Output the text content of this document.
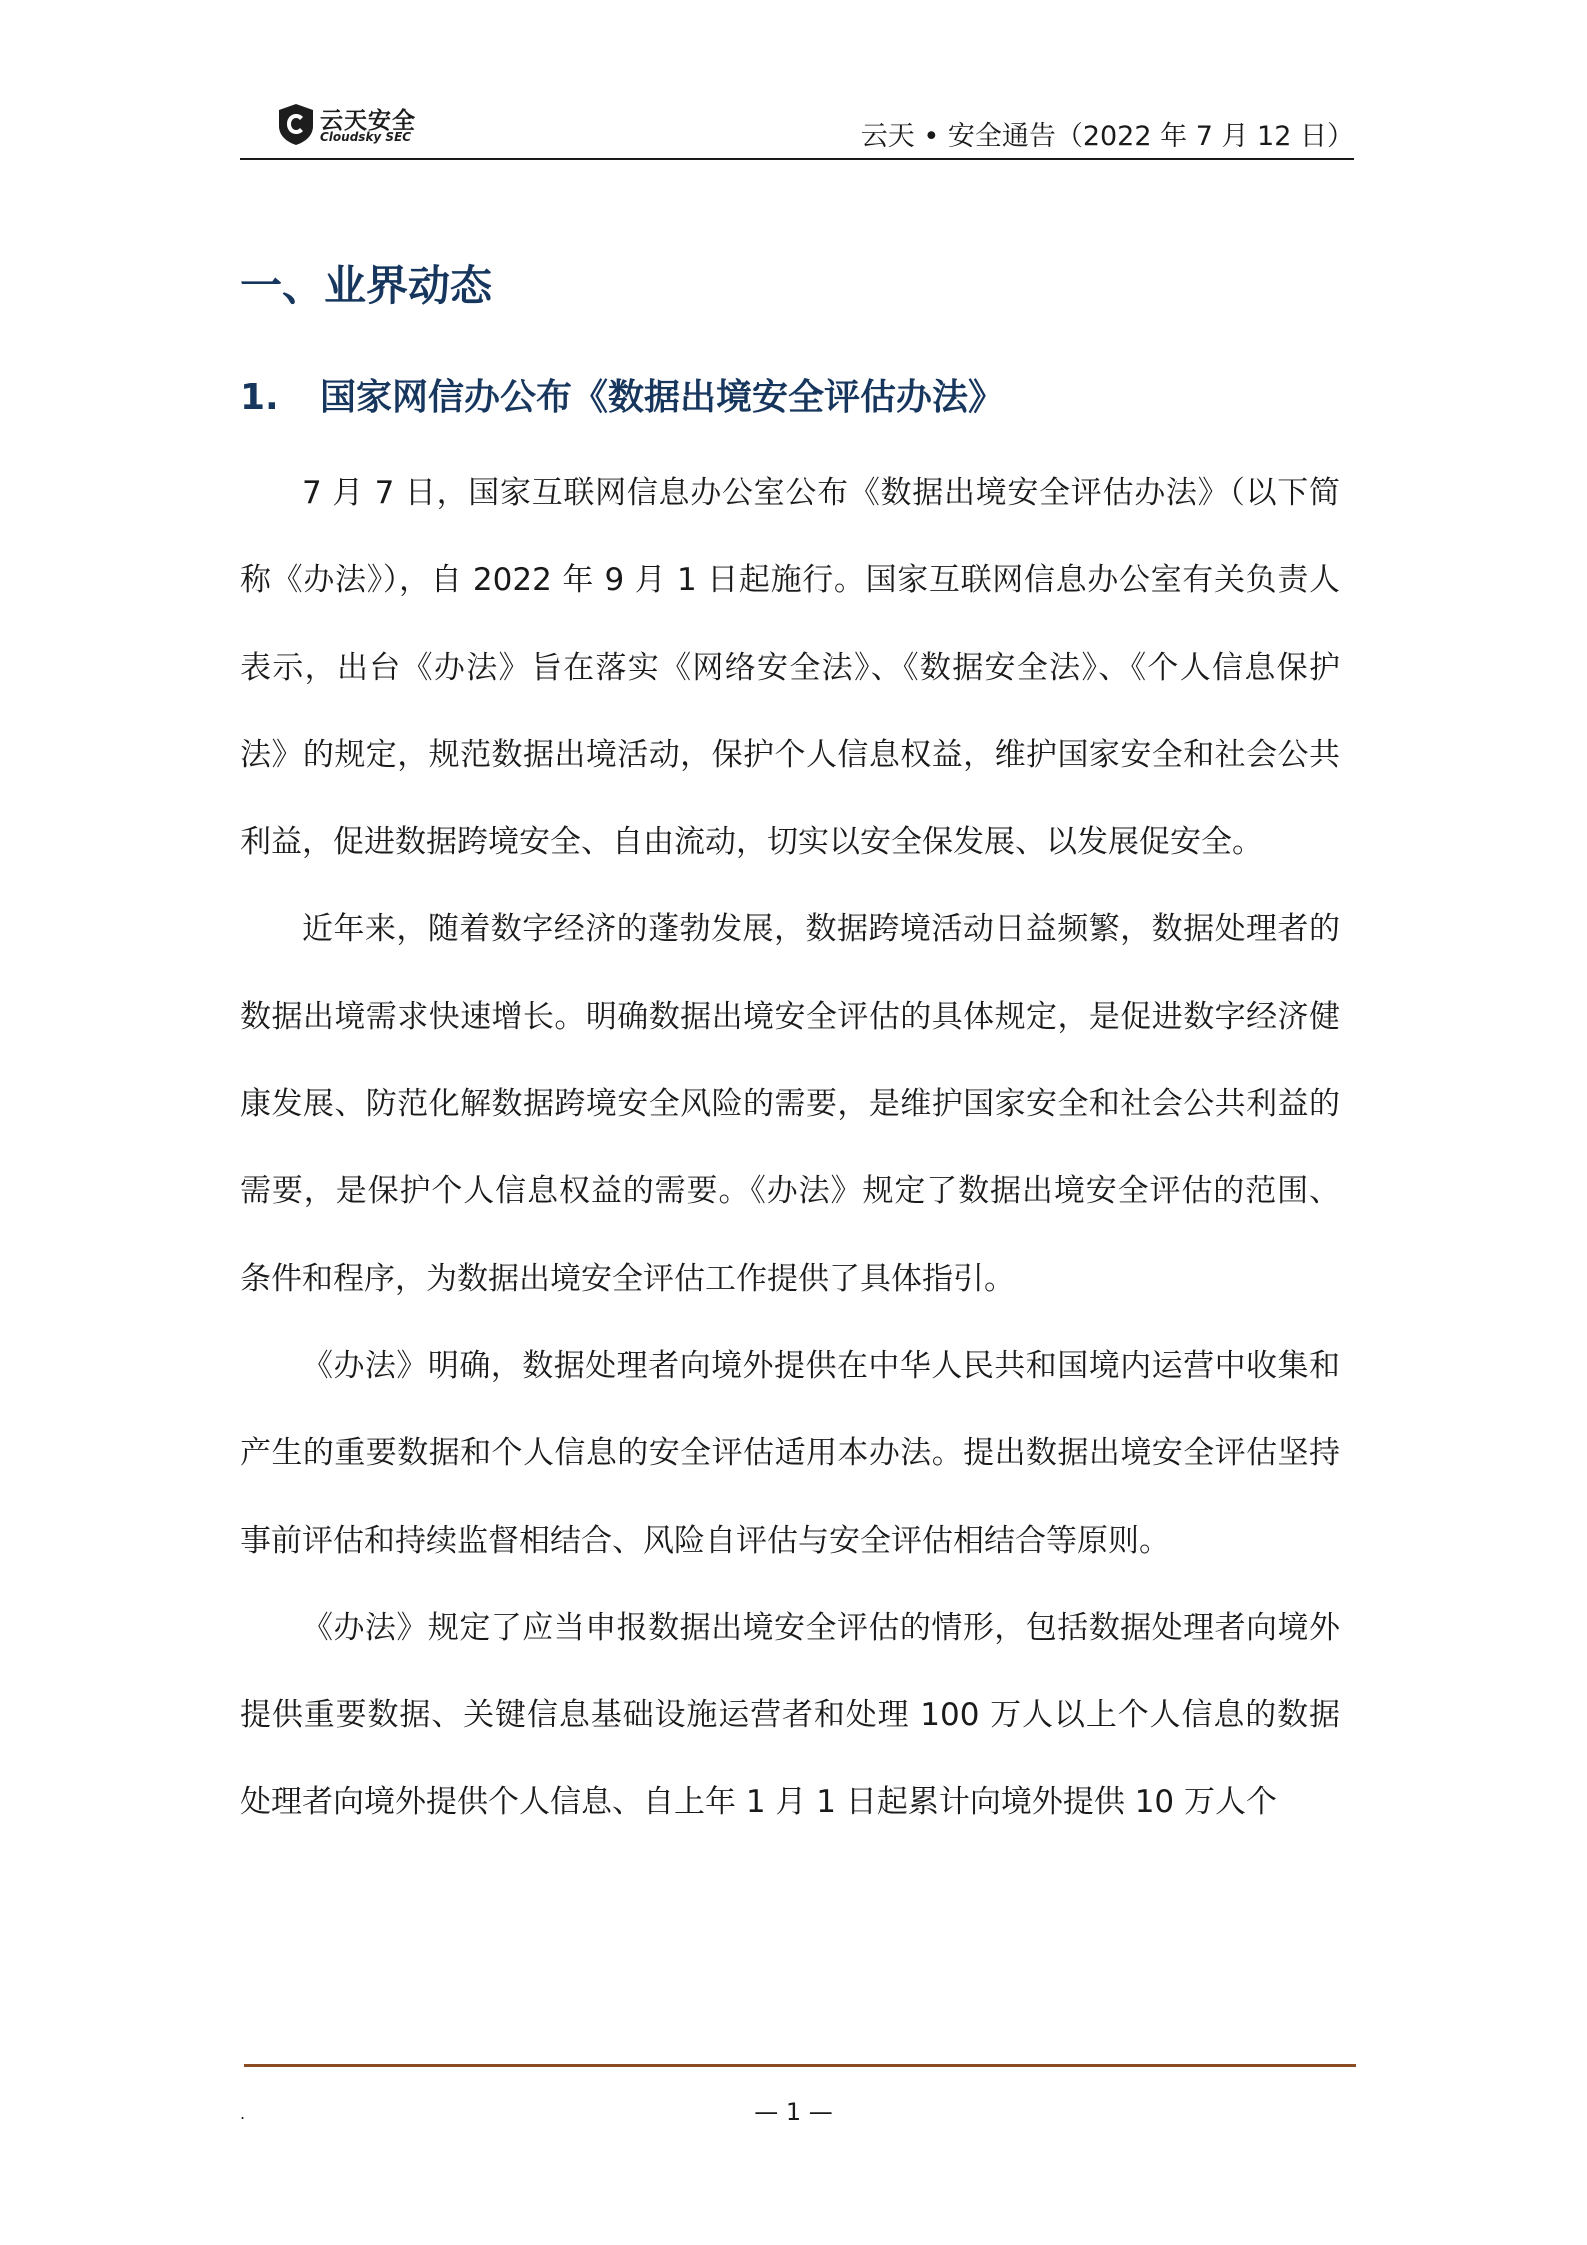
云天安全
Cloudsky SEC	云天 • 安全通告（2022 年 7 月 12 日）
一、业界动态
1. 国家网信办公布《数据出境安全评估办法》

7 月 7 日，国家互联网信息办公室公布《数据出境安全评估办法》（以下简称《办法》），自 2022 年 9 月 1 日起施行。国家互联网信息办公室有关负责人表示，出台《办法》旨在落实《网络安全法》、《数据安全法》、《个人信息保护法》的规定，规范数据出境活动，保护个人信息权益，维护国家安全和社会公共利益，促进数据跨境安全、自由流动，切实以安全保发展、以发展促安全。

近年来，随着数字经济的蓬勃发展，数据跨境活动日益频繁，数据处理者的数据出境需求快速增长。明确数据出境安全评估的具体规定，是促进数字经济健康发展、防范化解数据跨境安全风险的需要，是维护国家安全和社会公共利益的需要，是保护个人信息权益的需要。《办法》规定了数据出境安全评估的范围、条件和程序，为数据出境安全评估工作提供了具体指引。

《办法》明确，数据处理者向境外提供在中华人民共和国境内运营中收集和产生的重要数据和个人信息的安全评估适用本办法。提出数据出境安全评估坚持事前评估和持续监督相结合、风险自评估与安全评估相结合等原则。

《办法》规定了应当申报数据出境安全评估的情形，包括数据处理者向境外提供重要数据、关键信息基础设施运营者和处理 100 万人以上个人信息的数据处理者向境外提供个人信息、自上年 1 月 1 日起累计向境外提供 10 万人个

.	— 1 —
